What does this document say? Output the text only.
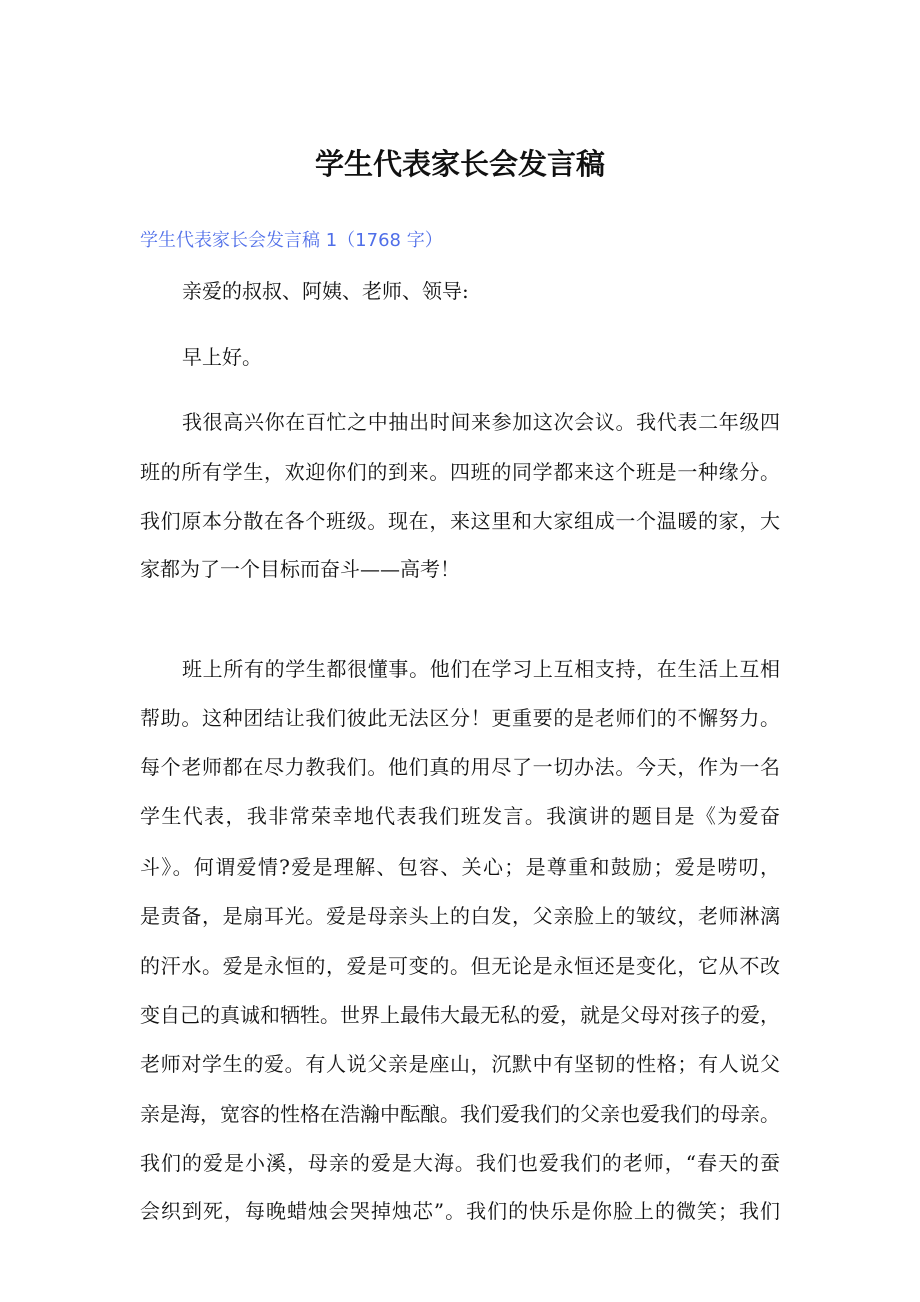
学生代表家长会发言稿
学生代表家长会发言稿 1（1768 字）
亲爱的叔叔、阿姨、老师、领导:
早上好。
我很高兴你在百忙之中抽出时间来参加这次会议。我代表二年级四
班的所有学生，欢迎你们的到来。四班的同学都来这个班是一种缘分。
我们原本分散在各个班级。现在，来这里和大家组成一个温暖的家，大
家都为了一个目标而奋斗——高考！
班上所有的学生都很懂事。他们在学习上互相支持，在生活上互相
帮助。这种团结让我们彼此无法区分！更重要的是老师们的不懈努力。
每个老师都在尽力教我们。他们真的用尽了一切办法。今天，作为一名
学生代表，我非常荣幸地代表我们班发言。我演讲的题目是《为爱奋
斗》。何谓爱情?爱是理解、包容、关心；是尊重和鼓励；爱是唠叨，
是责备，是扇耳光。爱是母亲头上的白发，父亲脸上的皱纹，老师淋漓
的汗水。爱是永恒的，爱是可变的。但无论是永恒还是变化，它从不改
变自己的真诚和牺牲。世界上最伟大最无私的爱，就是父母对孩子的爱，
老师对学生的爱。有人说父亲是座山，沉默中有坚韧的性格；有人说父
亲是海，宽容的性格在浩瀚中酝酿。我们爱我们的父亲也爱我们的母亲。
我们的爱是小溪，母亲的爱是大海。我们也爱我们的老师，“春天的蚕
会织到死，每晚蜡烛会哭掉烛芯”。我们的快乐是你脸上的微笑；我们
